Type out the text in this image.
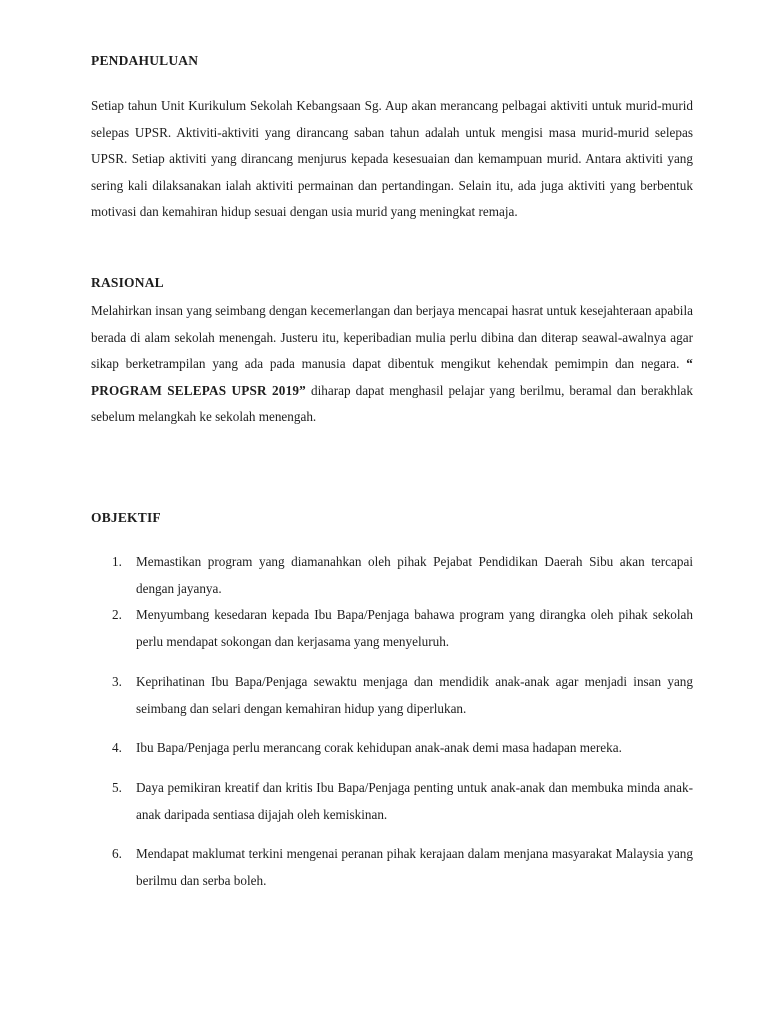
PENDAHULUAN

Setiap tahun Unit Kurikulum Sekolah Kebangsaan Sg. Aup akan merancang pelbagai aktiviti untuk murid-murid selepas UPSR. Aktiviti-aktiviti yang dirancang saban tahun adalah untuk mengisi masa murid-murid selepas UPSR. Setiap aktiviti yang dirancang menjurus kepada kesesuaian dan kemampuan murid. Antara aktiviti yang sering kali dilaksanakan ialah aktiviti permainan dan pertandingan. Selain itu, ada juga aktiviti yang berbentuk motivasi dan kemahiran hidup sesuai dengan usia murid yang meningkat remaja.

RASIONAL

Melahirkan insan yang seimbang dengan kecemerlangan dan berjaya mencapai hasrat untuk kesejahteraan apabila berada di alam sekolah menengah. Justeru itu, keperibadian mulia perlu dibina dan diterap seawal-awalnya agar sikap berketrampilan yang ada pada manusia dapat dibentuk mengikut kehendak pemimpin dan negara. “ PROGRAM SELEPAS UPSR 2019” diharap dapat menghasil pelajar yang berilmu, beramal dan berakhlak sebelum melangkah ke sekolah menengah.

OBJEKTIF
1.	Memastikan program yang diamanahkan oleh pihak Pejabat Pendidikan Daerah Sibu akan tercapai dengan jayanya.
2.	Menyumbang kesedaran kepada Ibu Bapa/Penjaga bahawa program yang dirangka oleh pihak sekolah perlu mendapat sokongan dan kerjasama yang menyeluruh.
3.	Keprihatinan Ibu Bapa/Penjaga sewaktu menjaga dan mendidik anak-anak agar menjadi insan yang seimbang dan selari dengan kemahiran hidup yang diperlukan.
4.	Ibu Bapa/Penjaga perlu merancang corak kehidupan anak-anak demi masa hadapan mereka.
5.	Daya pemikiran kreatif dan kritis Ibu Bapa/Penjaga penting untuk anak-anak dan membuka minda anak-anak daripada sentiasa dijajah oleh kemiskinan.
6.	Mendapat maklumat terkini mengenai peranan pihak kerajaan dalam menjana masyarakat Malaysia yang berilmu dan serba boleh.
